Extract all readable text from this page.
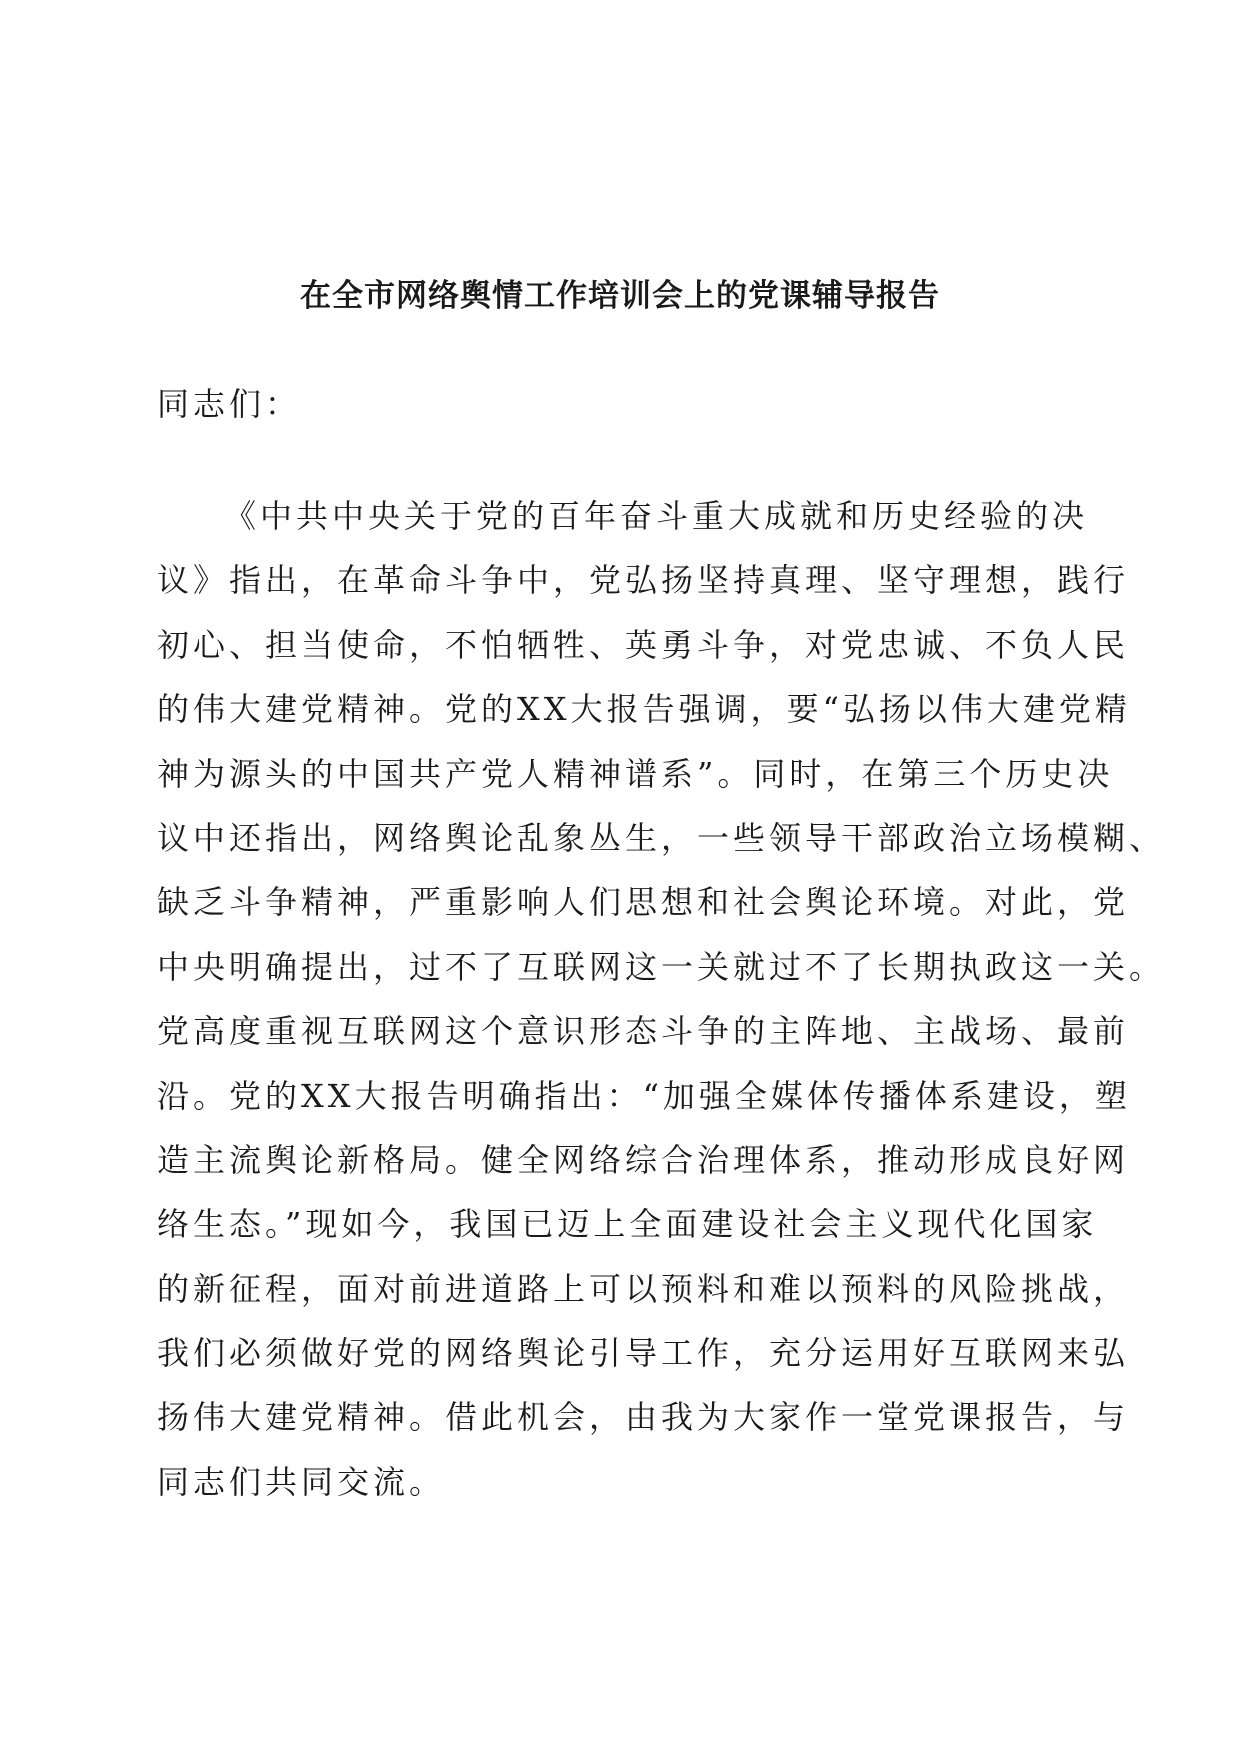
在全市网络舆情工作培训会上的党课辅导报告

同志们：

《中共中央关于党的百年奋斗重大成就和历史经验的决
议》指出，在革命斗争中，党弘扬坚持真理、坚守理想，践行
初心、担当使命，不怕牺牲、英勇斗争，对党忠诚、不负人民
的伟大建党精神。党的XX大报告强调，要“弘扬以伟大建党精
神为源头的中国共产党人精神谱系”。同时，在第三个历史决
议中还指出，网络舆论乱象丛生，一些领导干部政治立场模糊、
缺乏斗争精神，严重影响人们思想和社会舆论环境。对此，党
中央明确提出，过不了互联网这一关就过不了长期执政这一关。
党高度重视互联网这个意识形态斗争的主阵地、主战场、最前
沿。党的XX大报告明确指出：“加强全媒体传播体系建设，塑
造主流舆论新格局。健全网络综合治理体系，推动形成良好网
络生态。”现如今，我国已迈上全面建设社会主义现代化国家
的新征程，面对前进道路上可以预料和难以预料的风险挑战，
我们必须做好党的网络舆论引导工作，充分运用好互联网来弘
扬伟大建党精神。借此机会，由我为大家作一堂党课报告，与
同志们共同交流。
